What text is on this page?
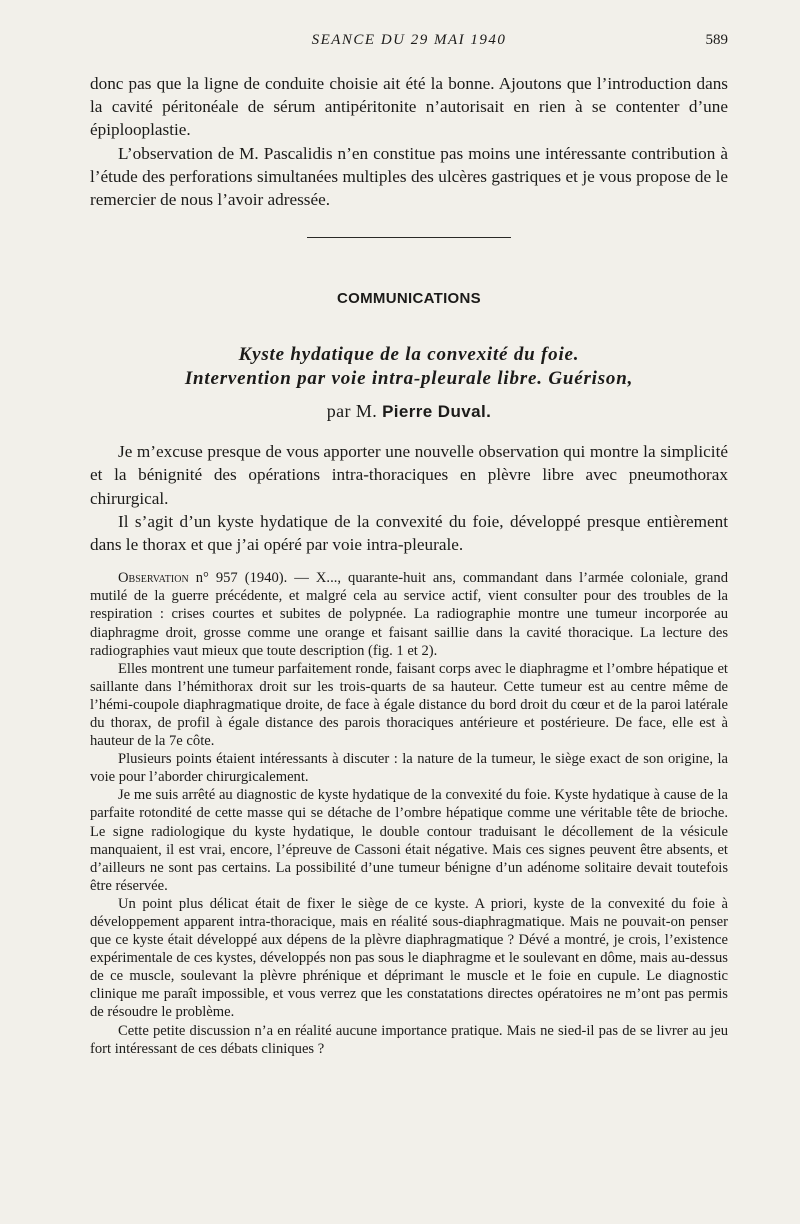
SEANCE DU 29 MAI 1940	589

donc pas que la ligne de conduite choisie ait été la bonne. Ajoutons que l’introduction dans la cavité péritonéale de sérum antipéritonite n’autorisait en rien à se contenter d’une épiplooplastie.

L’observation de M. Pascalidis n’en constitue pas moins une intéressante contribution à l’étude des perforations simultanées multiples des ulcères gastriques et je vous propose de le remercier de nous l’avoir adressée.

COMMUNICATIONS
Kyste hydatique de la convexité du foie.
Intervention par voie intra-pleurale libre. Guérison,
par M. Pierre Duval.

Je m’excuse presque de vous apporter une nouvelle observation qui montre la simplicité et la bénignité des opérations intra-thoraciques en plèvre libre avec pneumothorax chirurgical.

Il s’agit d’un kyste hydatique de la convexité du foie, développé presque entièrement dans le thorax et que j’ai opéré par voie intra-pleurale.

Observation n° 957 (1940). — X..., quarante-huit ans, commandant dans l’armée coloniale, grand mutilé de la guerre précédente, et malgré cela au service actif, vient consulter pour des troubles de la respiration : crises courtes et subites de polypnée. La radiographie montre une tumeur incorporée au diaphragme droit, grosse comme une orange et faisant saillie dans la cavité thoracique. La lecture des radiographies vaut mieux que toute description (fig. 1 et 2).

Elles montrent une tumeur parfaitement ronde, faisant corps avec le diaphragme et l’ombre hépatique et saillante dans l’hémithorax droit sur les trois-quarts de sa hauteur. Cette tumeur est au centre même de l’hémi-coupole diaphragmatique droite, de face à égale distance du bord droit du cœur et de la paroi latérale du thorax, de profil à égale distance des parois thoraciques antérieure et postérieure. De face, elle est à hauteur de la 7e côte.

Plusieurs points étaient intéressants à discuter : la nature de la tumeur, le siège exact de son origine, la voie pour l’aborder chirurgicalement.

Je me suis arrêté au diagnostic de kyste hydatique de la convexité du foie. Kyste hydatique à cause de la parfaite rotondité de cette masse qui se détache de l’ombre hépatique comme une véritable tête de brioche. Le signe radiologique du kyste hydatique, le double contour traduisant le décollement de la vésicule manquaient, il est vrai, encore, l’épreuve de Cassoni était négative. Mais ces signes peuvent être absents, et d’ailleurs ne sont pas certains. La possibilité d’une tumeur bénigne d’un adénome solitaire devait toutefois être réservée.

Un point plus délicat était de fixer le siège de ce kyste. A priori, kyste de la convexité du foie à développement apparent intra-thoracique, mais en réalité sous-diaphragmatique. Mais ne pouvait-on penser que ce kyste était développé aux dépens de la plèvre diaphragmatique ? Dévé a montré, je crois, l’existence expérimentale de ces kystes, développés non pas sous le diaphragme et le soulevant en dôme, mais au-dessus de ce muscle, soulevant la plèvre phrénique et déprimant le muscle et le foie en cupule. Le diagnostic clinique me paraît impossible, et vous verrez que les constatations directes opératoires ne m’ont pas permis de résoudre le problème.

Cette petite discussion n’a en réalité aucune importance pratique. Mais ne sied-il pas de se livrer au jeu fort intéressant de ces débats cliniques ?
